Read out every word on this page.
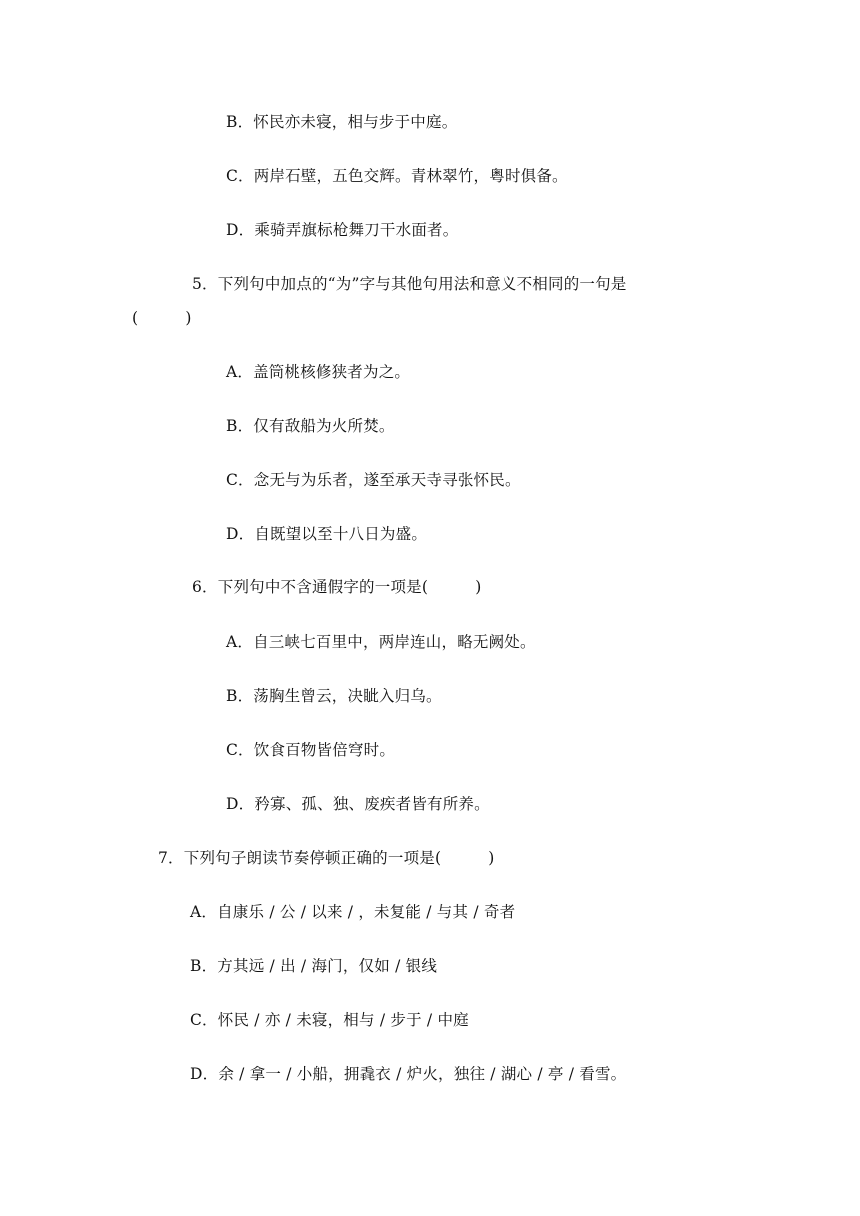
B．怀民亦未寝，相与步于中庭。
C．两岸石壁，五色交辉。青林翠竹，粤时俱备。
D．乘骑弄旗标枪舞刀干水面者。
5．下列句中加点的“为”字与其他句用法和意义不相同的一句是
(　　　)
A．盖筒桃核修狭者为之。
B．仅有敌船为火所焚。
C．念无与为乐者，遂至承天寺寻张怀民。
D．自既望以至十八日为盛。
6．下列句中不含通假字的一项是(　　　)
A．自三峡七百里中，两岸连山，略无阙处。
B．荡胸生曾云，决眦入归乌。
C．饮食百物皆倍穹时。
D．矜寡、孤、独、废疾者皆有所养。
7．下列句子朗读节奏停顿正确的一项是(　　　)
A．自康乐 / 公 / 以来 / ，未复能 / 与其 / 奇者
B．方其远 / 出 / 海门，仅如 / 银线
C．怀民 / 亦 / 未寝，相与 / 步于 / 中庭
D．余 / 拿一 / 小船，拥毳衣 / 炉火，独往 / 湖心 / 亭 / 看雪。
